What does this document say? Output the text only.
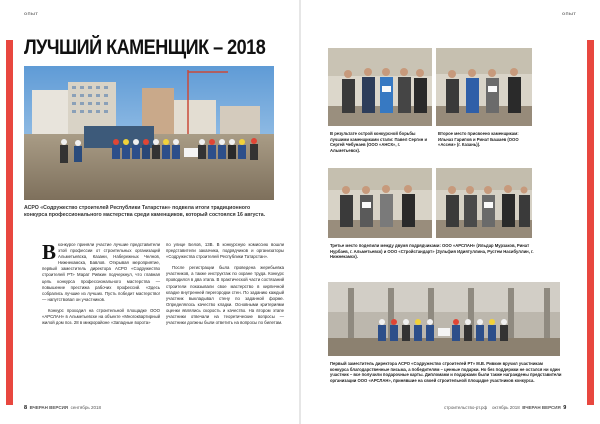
ОПЫТ
ЛУЧШИЙ КАМЕНЩИК – 2018
АСРО «Содружество строителей Республики Татарстан» подвела итоги традиционного конкурса профессионального мастерства среди каменщиков, который состоялся 16 августа.
Вконкурсе приняли участие лучшие представители этой профессии от строительных организаций Альметьевска, Казани, Набережных Челнов, Нижнекамска, Бавлов. Открывая мероприятие, первый заместитель директора АСРО «Содружество строителей РТ» Марат Ривкин подчеркнул, что главная цель конкурса профессионального мастерства — повышение престижа рабочих профессий. «Здесь собрались лучшие из лучших. Пусть победит мастерство! — напутствовал он участников.

Конкурс проходил на строительной площадке ООО «АРСЛАН» в Альметьевске на объекте «Многоквартирный жилой дом поз. 28 в микрорайоне «Западные ворота»

по улице Белов, 13В. В конкурсную комиссию вошли представители заказчика, подрядчиков и организаторы «Содружества строителей Республики Татарстан».

После регистрации была проведена жеребьевка участников, а также инструктаж по охране труда. Конкурс проводился в два этапа. В практической части состязаний строители показывали свое мастерство в кирпичной кладке внутренней перегородки стен. По заданию каждый участник выкладывал стену по заданной форме. Определялось качество кладки. Основными критериями оценки являлись скорость и качество. На втором этапе участники отвечали на теоретические вопросы — участники должны были ответить на вопросы по билетам.

8 ВЧЕРАН ВЕРСИЯ сентябрь 2018
ОПЫТ
В результате острой конкурсной борьбы лучшими каменщиками стали: Павел Сергин и Сергей Чебунаев (ООО «АНСК», г. Альметьевск).
Второе место присвоено каменщикам: Ильназ Гарипов и Ринат Башаев (ООО «Ассем» (г. Казань)).
Третье место поделили между двумя подрядчиками: ООО «АРСЛАН» (Ильдар Мурзаков, Ринат Нурбаев, г. Альметьевск) и ООО «Стройстандарт» (Зульфия Идиятуллина, Рустем Насибуллин, г. Нижнекамск).
Первый заместитель директора АСРО «Содружество строителей РТ» М.В. Ривкин вручил участникам конкурса благодарственные письма, а победителям – ценные подарки. Но без поддержки не остался ни один участник – все получили подарочные карты. Дипломами и подарками были также награждены представители организации ООО «АРСЛАН», принявшие на своей строительной площадке участников конкурса.
строительство-рт.рф октябрь 2018 ВЧЕРАН ВЕРСИЯ 9
